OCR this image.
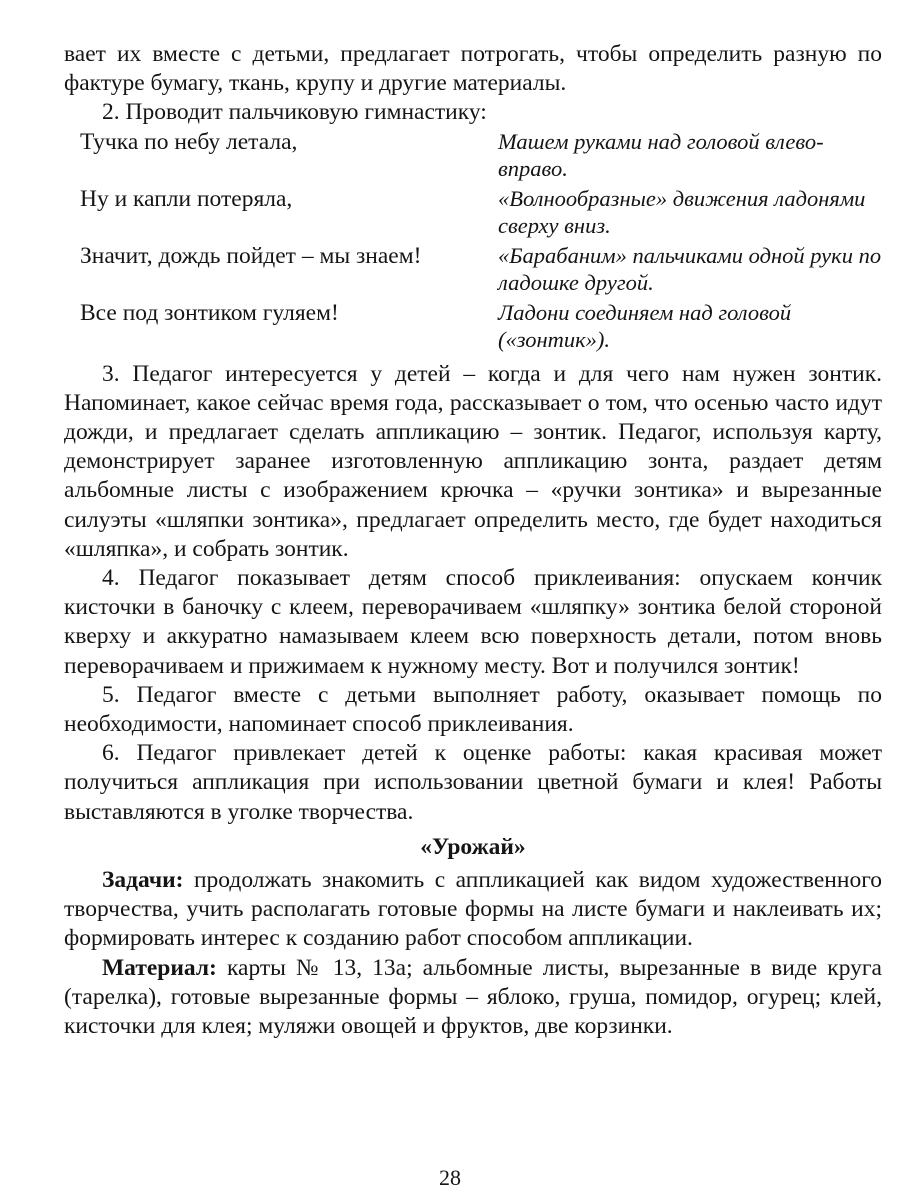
вает их вместе с детьми, предлагает потрогать, чтобы определить разную по фактуре бумагу, ткань, крупу и другие материалы.

2. Проводит пальчиковую гимнастику:

Тучка по небу летала,	Машем руками над головой влево-вправо.
Ну и капли потеряла,	«Волнообразные» движения ладонями сверху вниз.
Значит, дождь пойдет – мы знаем!	«Барабаним» пальчиками одной руки по ладошке другой.
Все под зонтиком гуляем!	Ладони соединяем над головой («зонтик»).

3. Педагог интересуется у детей – когда и для чего нам нужен зонтик. Напоминает, какое сейчас время года, рассказывает о том, что осенью часто идут дожди, и предлагает сделать аппликацию – зонтик. Педагог, используя карту, демонстрирует заранее изготовленную аппликацию зонта, раздает детям альбомные листы с изображением крючка – «ручки зонтика» и вырезанные силуэты «шляпки зонтика», предлагает определить место, где будет находиться «шляпка», и собрать зонтик.

4. Педагог показывает детям способ приклеивания: опускаем кончик кисточки в баночку с клеем, переворачиваем «шляпку» зонтика белой стороной кверху и аккуратно намазываем клеем всю поверхность детали, потом вновь переворачиваем и прижимаем к нужному месту. Вот и получился зонтик!

5. Педагог вместе с детьми выполняет работу, оказывает помощь по необходимости, напоминает способ приклеивания.

6. Педагог привлекает детей к оценке работы: какая красивая может получиться аппликация при использовании цветной бумаги и клея! Работы выставляются в уголке творчества.

«Урожай»

Задачи: продолжать знакомить с аппликацией как видом художественного творчества, учить располагать готовые формы на листе бумаги и наклеивать их; формировать интерес к созданию работ способом аппликации.

Материал: карты № 13, 13а; альбомные листы, вырезанные в виде круга (тарелка), готовые вырезанные формы – яблоко, груша, помидор, огурец; клей, кисточки для клея; муляжи овощей и фруктов, две корзинки.

28
